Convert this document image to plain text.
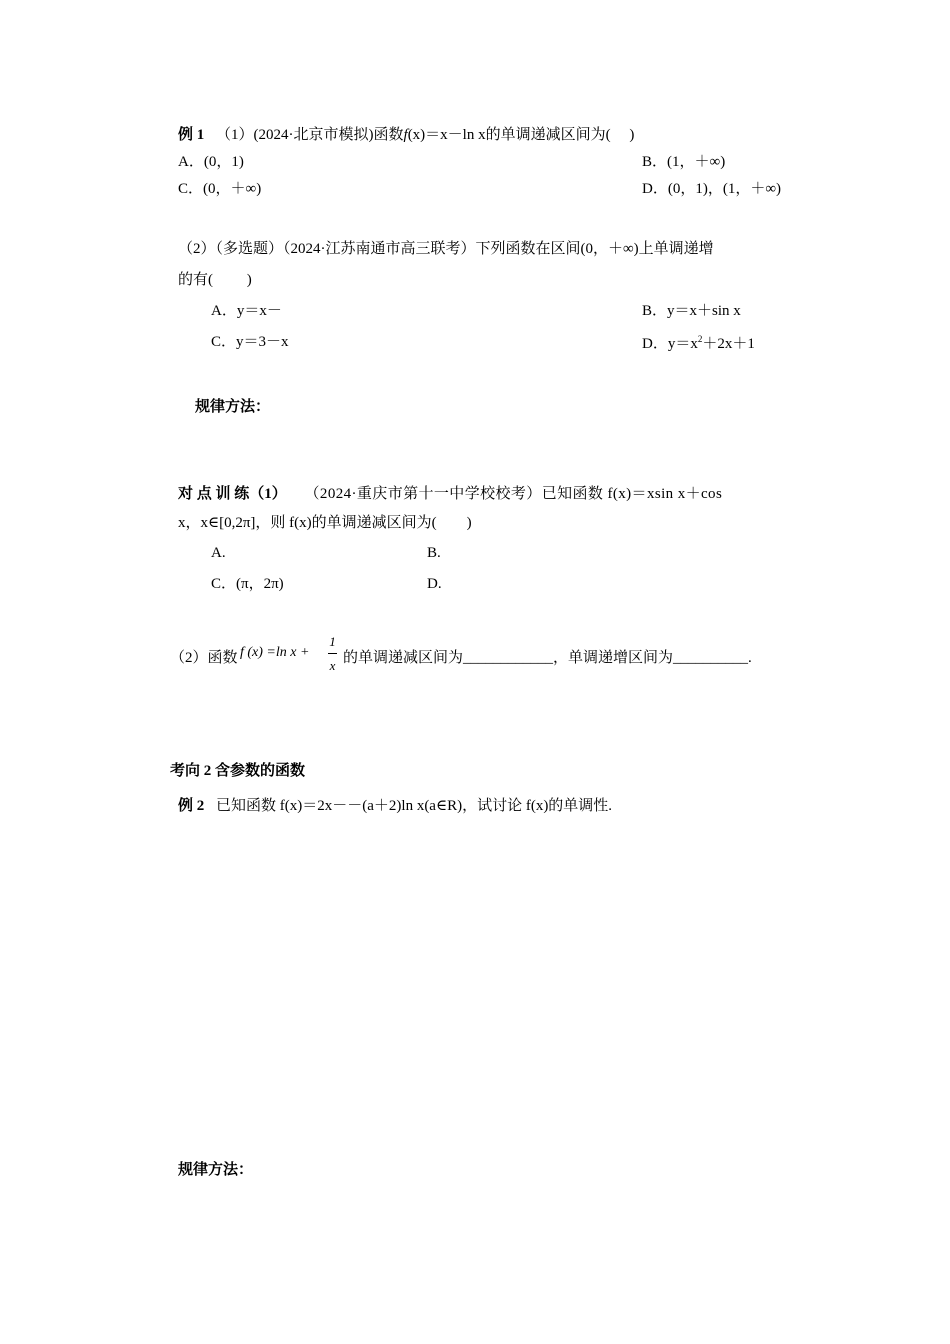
例 1 （1）(2024·北京市模拟)函数f(x)＝x－ln x的单调递减区间为(　 )
A．(0，1)	B．(1，＋∞)
C．(0，＋∞)	D．(0，1)，(1，＋∞)
（2）（多选题）（2024·江苏南通市高三联考）下列函数在区间(0，＋∞)上单调递增
的有(　　 )
A．y＝x－	B．y＝x＋sin x
C．y＝3－x	D．$y=x^2+2x+1$
规律方法：
对 点 训 练（1） （2024·重庆市第十一中学校校考）已知函数 f(x)＝xsin x＋cos
x，x∈[0,2π]，则 f(x)的单调递减区间为(　　)
A.	B.
C．(π，2π)	D.
（2）函数 f (x) =ln x +
1
x 的单调递减区间为____________，单调递增区间为__________.
考向 2 含参数的函数
例 2 已知函数 f(x)＝2x－－(a＋2)ln x(a∈R)，试讨论 f(x)的单调性.
规律方法：
